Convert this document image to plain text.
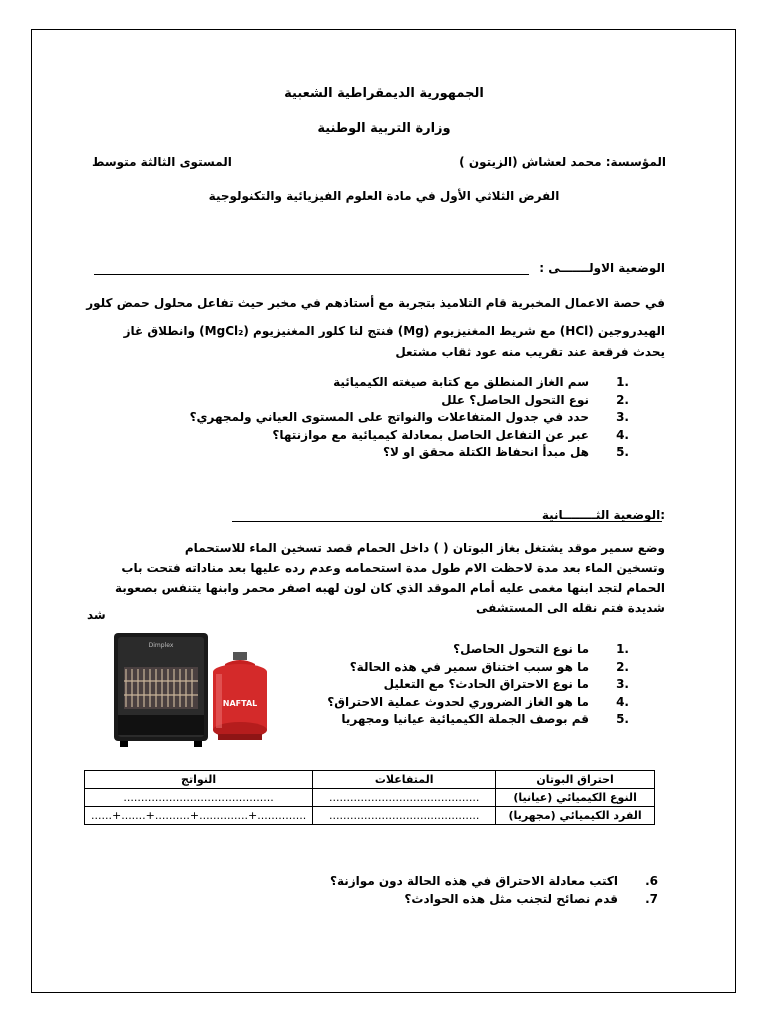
الجمهورية الديمقراطية الشعبية
وزارة التربية الوطنية
المؤسسة: محمد لعشاش (الزيتون )
المستوى الثالثة متوسط
الفرض الثلاثي الأول في مادة العلوم الفيزيائية والتكنولوجية
الوضعية الاولـــــــى :
في حصة الاعمال المخبرية قام التلاميذ بتجربة مع أستاذهم في مخبر حيث تفاعل محلول حمض كلور
الهيدروجين (HCl) مع شريط المغنيزيوم (Mg) فنتج لنا كلور المغنيزيوم (MgCl₂) وانطلاق غاز
يحدث فرقعة عند تقريب منه عود ثقاب مشتعل
1.
سم الغاز المنطلق مع كتابة صيغته الكيميائية
2.
نوع التحول الحاصل؟ علل
3.
حدد في جدول المتفاعلات والنواتج على المستوى العياني ولمجهري؟
4.
عبر عن التفاعل الحاصل بمعادلة كيميائية مع موازنتها؟
5.
هل مبدأ انحفاظ الكتلة محقق او لا؟
:الوضعية الثــــــــانية
وضع سمير موقد يشتغل بغاز البوتان ( ) داخل الحمام قصد تسخين الماء للاستحمام
وتسخين الماء بعد مدة لاحظت الام طول مدة استحمامه وعدم رده عليها بعد مناداته فتحت باب
الحمام لتجد ابنها مغمى عليه أمام الموقد الذي كان لون لهبه اصفر محمر وابنها يتنفس بصعوبة
شديدة فتم نقله الى المستشفى
شد
Dimplex
NAFTAL
1.
ما نوع التحول الحاصل؟
2.
ما هو سبب اختناق سمير في هذه الحالة؟
3.
ما نوع الاحتراق الحادث؟ مع التعليل
4.
ما هو الغاز الضروري لحدوث عملية الاحتراق؟
5.
قم بوصف الجملة الكيميائية عيانيا ومجهريا
احتراق البوتان	المتفاعلات	النواتج
النوع الكيميائي (عيانيا)	...........................................	...........................................
الفرد الكيميائي (مجهريا)	...........................................	..............+..............+..........+.......+......
.6
اكتب معادلة الاحتراق في هذه الحالة دون موازنة؟
.7
قدم نصائح لتجنب مثل هذه الحوادث؟
